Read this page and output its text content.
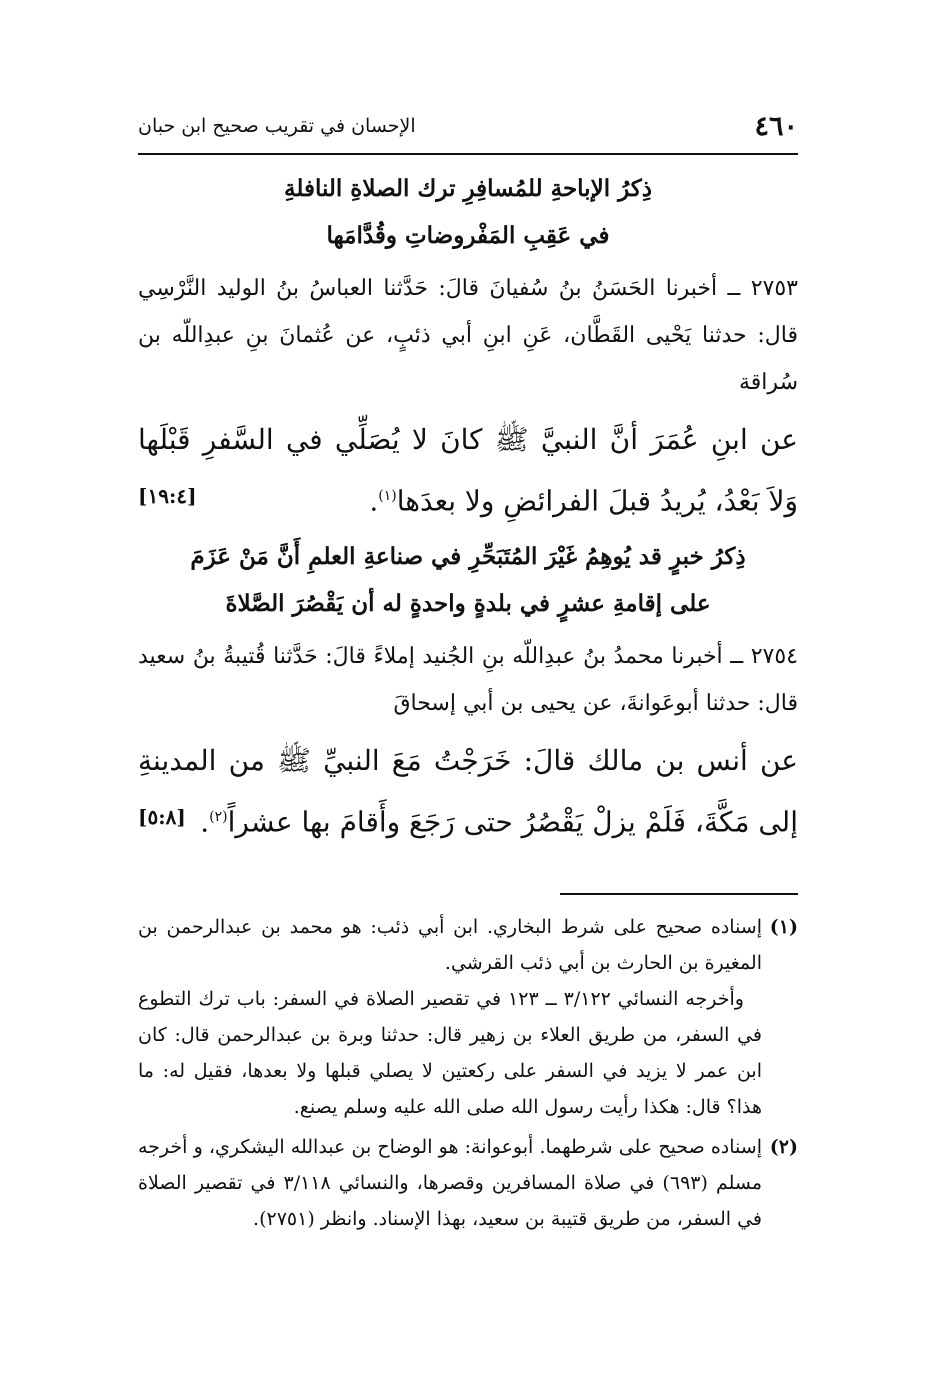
٤٦٠
الإحسان في تقريب صحيح ابن حبان

ذِكرُ الإباحةِ للمُسافِرِ ترك الصلاةِ النافلةِ

في عَقِبِ المَفْروضاتِ وقُدَّامَها

٢٧٥٣ ــ أخبرنا الحَسَنُ بنُ سُفيانَ قالَ: حَدَّثنا العباسُ بنُ الوليد النَّرْسِي قال: حدثنا يَحْيى القَطَّان، عَنِ ابنِ أبي ذئبٍ، عن عُثمانَ بنِ عبدِاللّه بن سُراقة

عن ابنِ عُمَرَ أنَّ النبيَّ ﷺ كانَ لا يُصَلِّي في السَّفرِ قَبْلَها وَلاَ بَعْدُ، يُريدُ قبلَ الفرائضِ ولا بعدَها$^{(١)}$.
[١٩:٤]

ذِكرُ خبرٍ قد يُوهِمُ غَيْرَ المُتَبَحِّرِ في صناعةِ العلمِ أَنَّ مَنْ عَزَمَ

على إقامةِ عشرٍ في بلدةٍ واحدةٍ له أن يَقْصُرَ الصَّلاةَ

٢٧٥٤ ــ أخبرنا محمدُ بنُ عبدِاللّه بنِ الجُنيد إملاءً قالَ: حَدَّثنا قُتيبةُ بنُ سعيد قال: حدثنا أبوعَوانةَ، عن يحيى بن أبي إسحاقَ

عن أنس بن مالك قالَ: خَرَجْتُ مَعَ النبيِّ ﷺ من المدينةِ إلى مَكَّةَ، فَلَمْ يزلْ يَقْصُرُ حتى رَجَعَ وأَقامَ بها عشراً$^{(٢)}$.
[٥:٨]

(١)

إسناده صحيح على شرط البخاري. ابن أبي ذئب: هو محمد بن عبدالرحمن بن المغيرة بن الحارث بن أبي ذئب القرشي.

وأخرجه النسائي ٣/١٢٢ ــ ١٢٣ في تقصير الصلاة في السفر: باب ترك التطوع في السفر، من طريق العلاء بن زهير قال: حدثنا وبرة بن عبدالرحمن قال: كان ابن عمر لا يزيد في السفر على ركعتين لا يصلي قبلها ولا بعدها، فقيل له: ما هذا؟ قال: هكذا رأيت رسول الله صلى الله عليه وسلم يصنع.

(٢)

إسناده صحيح على شرطهما. أبوعوانة: هو الوضاح بن عبدالله اليشكري، و أخرجه مسلم (٦٩٣) في صلاة المسافرين وقصرها، والنسائي ٣/١١٨ في تقصير الصلاة في السفر، من طريق قتيبة بن سعيد، بهذا الإسناد. وانظر (٢٧٥١).
